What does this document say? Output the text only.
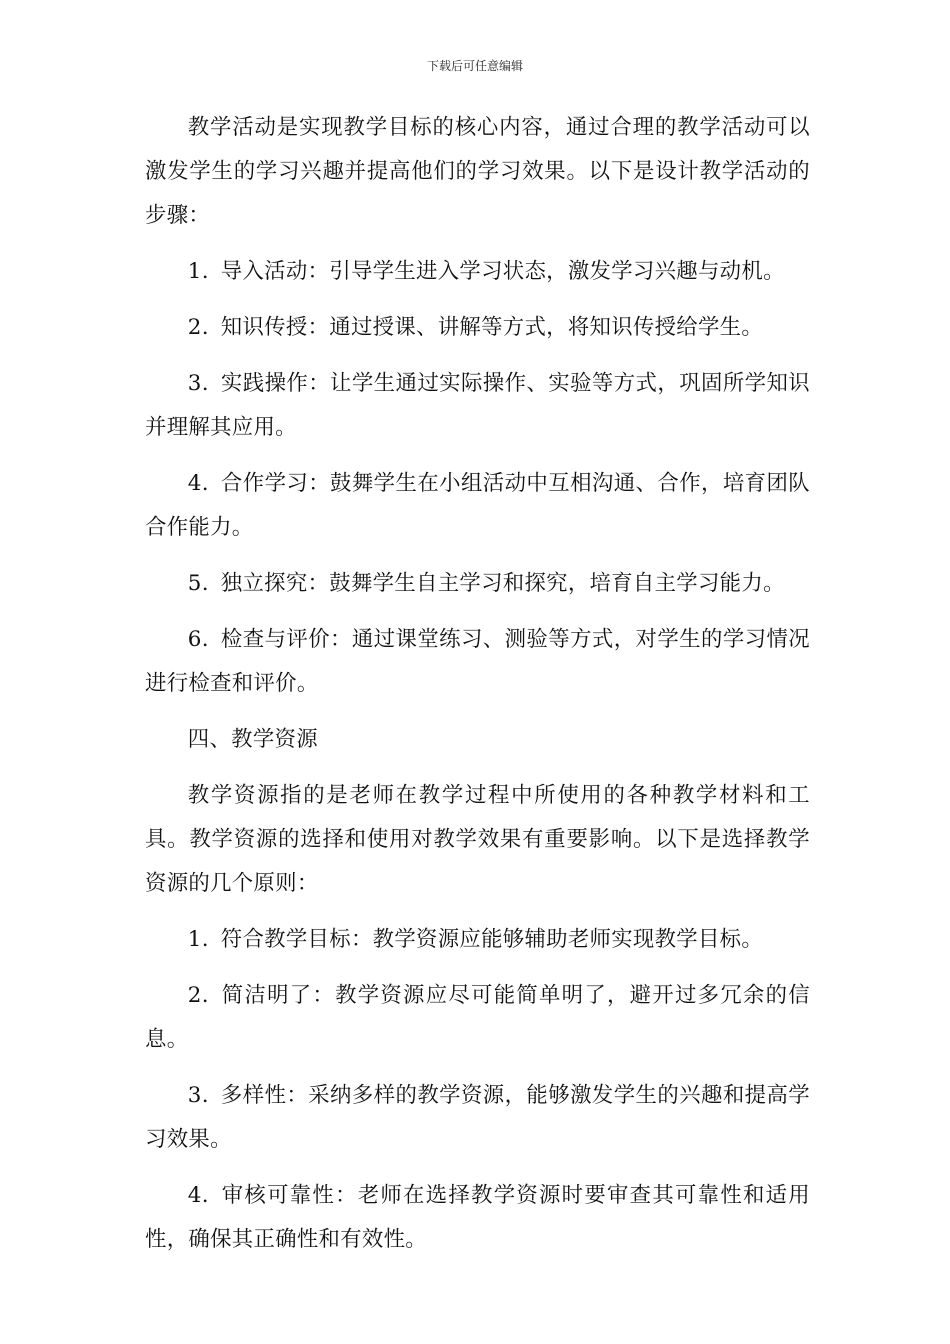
下载后可任意编辑

教学活动是实现教学目标的核心内容，通过合理的教学活动可以激发学生的学习兴趣并提高他们的学习效果。以下是设计教学活动的步骤：

1. 导入活动：引导学生进入学习状态，激发学习兴趣与动机。

2. 知识传授：通过授课、讲解等方式，将知识传授给学生。

3. 实践操作：让学生通过实际操作、实验等方式，巩固所学知识并理解其应用。

4. 合作学习：鼓舞学生在小组活动中互相沟通、合作，培育团队合作能力。

5. 独立探究：鼓舞学生自主学习和探究，培育自主学习能力。

6. 检查与评价：通过课堂练习、测验等方式，对学生的学习情况进行检查和评价。

四、教学资源

教学资源指的是老师在教学过程中所使用的各种教学材料和工具。教学资源的选择和使用对教学效果有重要影响。以下是选择教学资源的几个原则：

1. 符合教学目标：教学资源应能够辅助老师实现教学目标。

2. 简洁明了：教学资源应尽可能简单明了，避开过多冗余的信息。

3. 多样性：采纳多样的教学资源，能够激发学生的兴趣和提高学习效果。

4. 审核可靠性：老师在选择教学资源时要审查其可靠性和适用性，确保其正确性和有效性。
